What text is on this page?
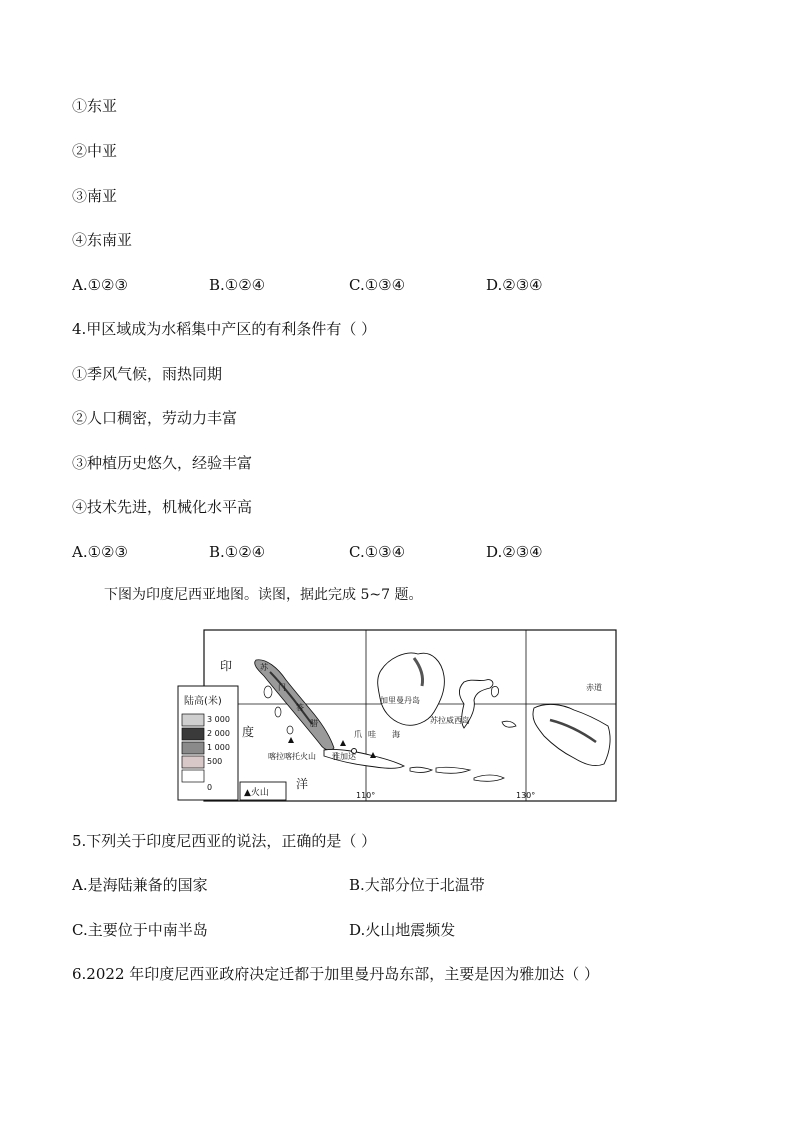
①东亚
②中亚
③南亚
④东南亚
A.①②③	B.①②④	C.①③④	D.②③④
4.甲区域成为水稻集中产区的有利条件有（ ）
①季风气候，雨热同期
②人口稠密，劳动力丰富
③种植历史悠久，经验丰富
④技术先进，机械化水平高
A.①②③	B.①②④	C.①③④	D.②③④
下图为印度尼西亚地图。读图，据此完成 5~7 题。
陆高(米)
3 000
2 000
1 000
500
0
▲火山
印
度
洋
苏
门
答
腊
赤道
110°	130°
加里曼丹岛
苏拉威西岛
爪 哇 海
喀拉喀托火山 雅加达
5.下列关于印度尼西亚的说法，正确的是（ ）
A.是海陆兼备的国家	B.大部分位于北温带
C.主要位于中南半岛	D.火山地震频发
6.2022 年印度尼西亚政府决定迁都于加里曼丹岛东部，主要是因为雅加达（ ）
